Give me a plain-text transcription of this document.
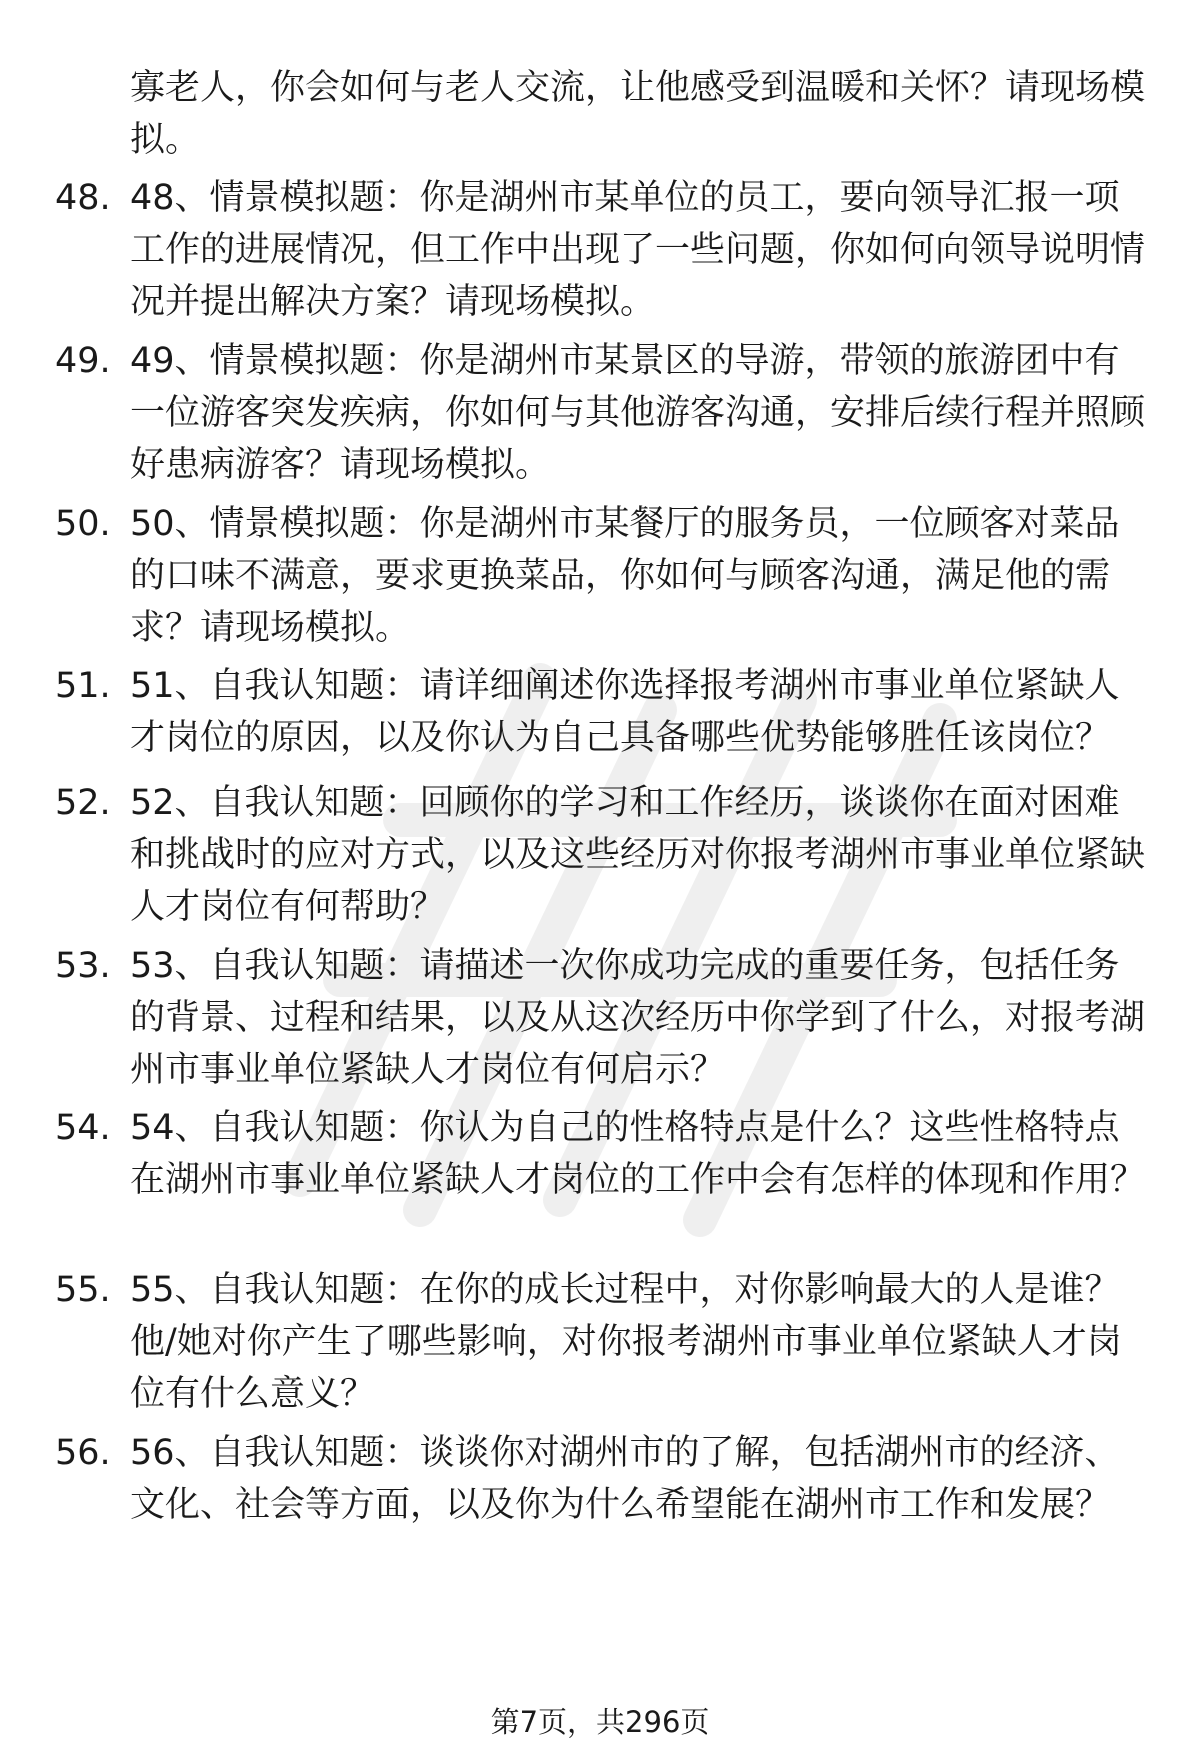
寡老人，你会如何与老人交流，让他感受到温暖和关怀？请现场模拟。

48. 48、情景模拟题：你是湖州市某单位的员工，要向领导汇报一项工作的进展情况，但工作中出现了一些问题，你如何向领导说明情况并提出解决方案？请现场模拟。

49. 49、情景模拟题：你是湖州市某景区的导游，带领的旅游团中有一位游客突发疾病，你如何与其他游客沟通，安排后续行程并照顾好患病游客？请现场模拟。

50. 50、情景模拟题：你是湖州市某餐厅的服务员，一位顾客对菜品的口味不满意，要求更换菜品，你如何与顾客沟通，满足他的需求？请现场模拟。

51. 51、自我认知题：请详细阐述你选择报考湖州市事业单位紧缺人才岗位的原因，以及你认为自己具备哪些优势能够胜任该岗位？

52. 52、自我认知题：回顾你的学习和工作经历，谈谈你在面对困难和挑战时的应对方式，以及这些经历对你报考湖州市事业单位紧缺人才岗位有何帮助？

53. 53、自我认知题：请描述一次你成功完成的重要任务，包括任务的背景、过程和结果，以及从这次经历中你学到了什么，对报考湖州市事业单位紧缺人才岗位有何启示？

54. 54、自我认知题：你认为自己的性格特点是什么？这些性格特点在湖州市事业单位紧缺人才岗位的工作中会有怎样的体现和作用？

55. 55、自我认知题：在你的成长过程中，对你影响最大的人是谁？他/她对你产生了哪些影响，对你报考湖州市事业单位紧缺人才岗位有什么意义？

56. 56、自我认知题：谈谈你对湖州市的了解，包括湖州市的经济、文化、社会等方面，以及你为什么希望能在湖州市工作和发展？

第7页，共296页
